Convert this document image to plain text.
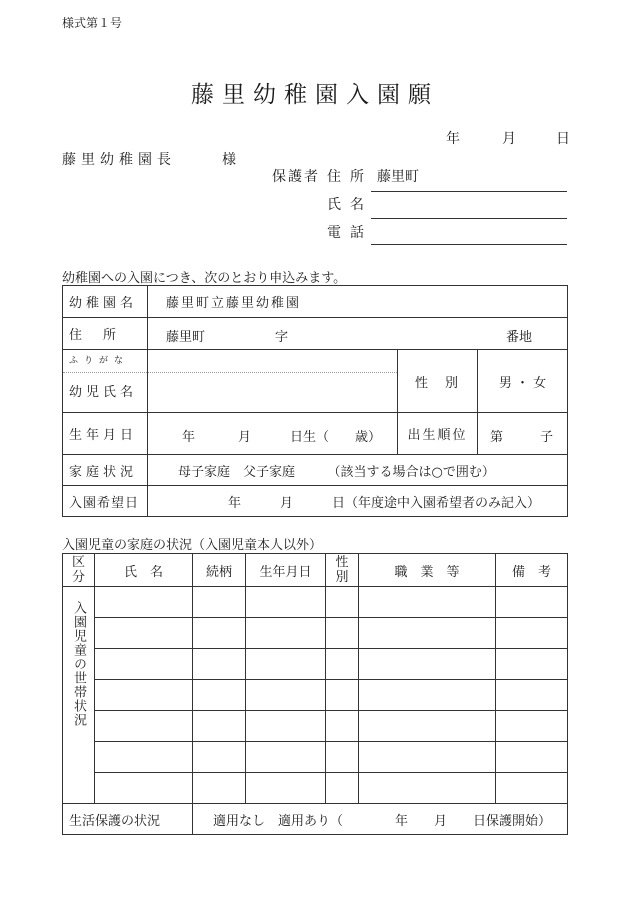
様式第１号
藤里幼稚園入園願
年	月	日
藤里幼稚園長	様
保護者 住所 藤里町
氏名
電話
幼稚園への入園につき、次のとおり申込みます。
幼稚園名	藤里町立藤里幼稚園		
住　所	藤里町 字 番地		

ふりがな
幼児氏名		性　別	男 ・ 女
生年月日	年 月 日生（　　歳）	出生順位	第 子

家庭状況	母子家庭　父子家庭　　　（該当する場合は○で囲む）		
入園希望日	年　　　月　　　日（年度途中入園希望者のみ記入）		
入園児童の家庭の状況（入園児童本人以外）
区分	氏　名	続柄	生年月日	性別	職　業　等	備　考

入園児童の世帯状況						

生活保護の状況		適用なし　適用あり（　　　　年　　月　　日保護開始）				
